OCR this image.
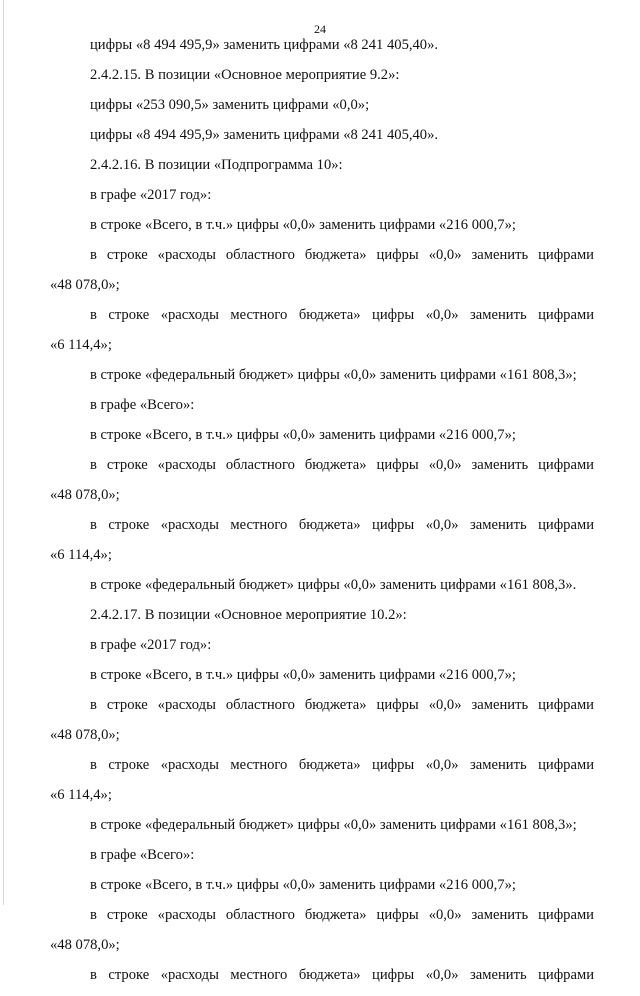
24
цифры «8 494 495,9» заменить цифрами «8 241 405,40».
2.4.2.15. В позиции «Основное мероприятие 9.2»:
цифры «253 090,5» заменить цифрами «0,0»;
цифры «8 494 495,9» заменить цифрами «8 241 405,40».
2.4.2.16. В позиции «Подпрограмма 10»:
в графе «2017 год»:
в строке «Всего, в т.ч.» цифры «0,0» заменить цифрами «216 000,7»;
в строке «расходы областного бюджета» цифры «0,0» заменить цифрами
«48 078,0»;
в строке «расходы местного бюджета» цифры «0,0» заменить цифрами
«6 114,4»;
в строке «федеральный бюджет» цифры «0,0» заменить цифрами «161 808,3»;
в графе «Всего»:
в строке «Всего, в т.ч.» цифры «0,0» заменить цифрами «216 000,7»;
в строке «расходы областного бюджета» цифры «0,0» заменить цифрами
«48 078,0»;
в строке «расходы местного бюджета» цифры «0,0» заменить цифрами
«6 114,4»;
в строке «федеральный бюджет» цифры «0,0» заменить цифрами «161 808,3».
2.4.2.17. В позиции «Основное мероприятие 10.2»:
в графе «2017 год»:
в строке «Всего, в т.ч.» цифры «0,0» заменить цифрами «216 000,7»;
в строке «расходы областного бюджета» цифры «0,0» заменить цифрами
«48 078,0»;
в строке «расходы местного бюджета» цифры «0,0» заменить цифрами
«6 114,4»;
в строке «федеральный бюджет» цифры «0,0» заменить цифрами «161 808,3»;
в графе «Всего»:
в строке «Всего, в т.ч.» цифры «0,0» заменить цифрами «216 000,7»;
в строке «расходы областного бюджета» цифры «0,0» заменить цифрами
«48 078,0»;
в строке «расходы местного бюджета» цифры «0,0» заменить цифрами
